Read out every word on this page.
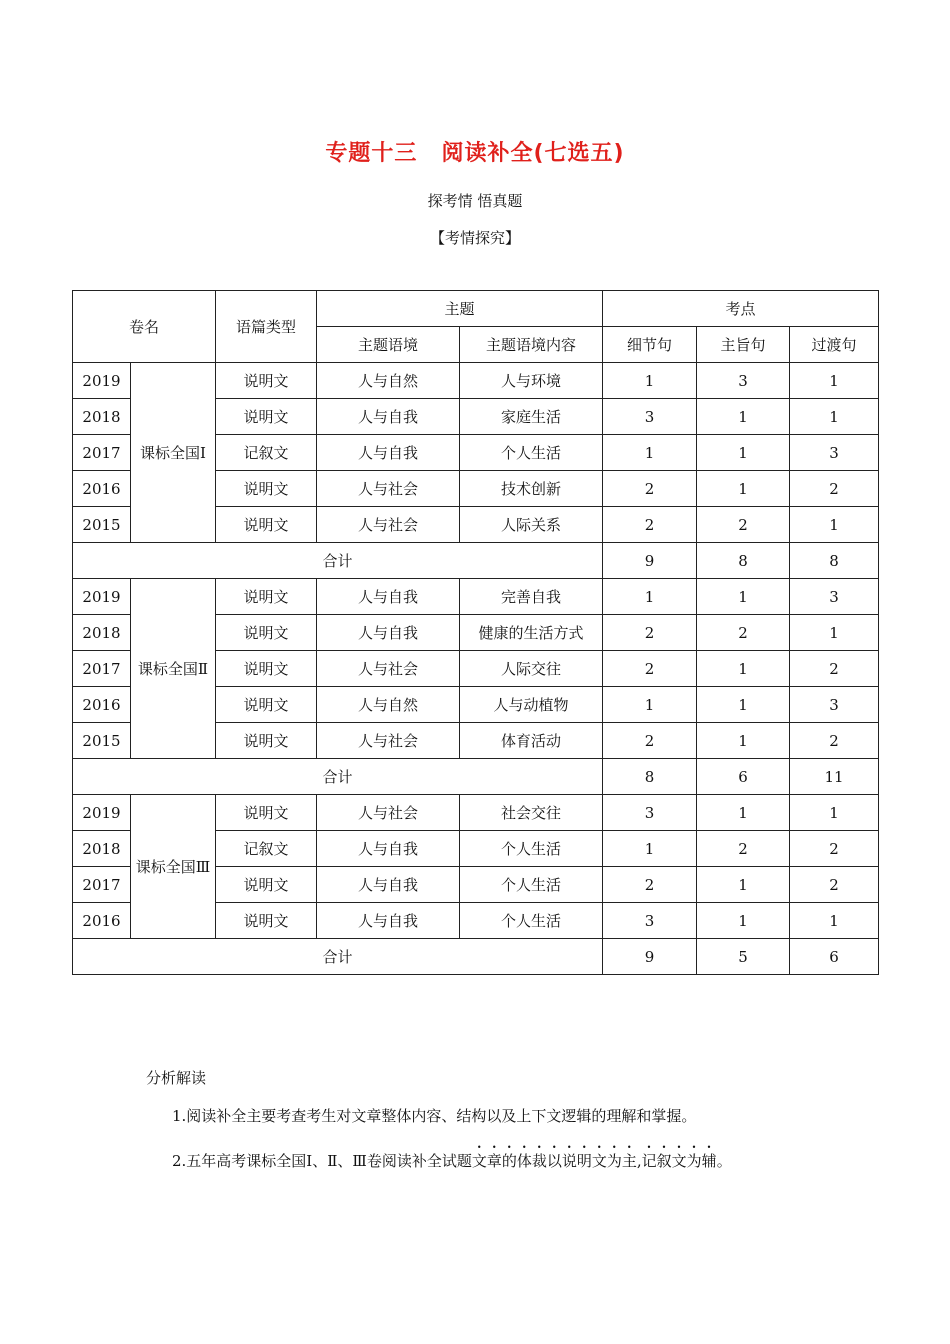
专题十三 阅读补全(七选五)
探考情 悟真题
【考情探究】
卷名		语篇类型	主题		考点		
			主题语境	主题语境内容	细节句	主旨句	过渡句
2019	课标全国Ⅰ	说明文	人与自然	人与环境	1	3	1
2018		说明文	人与自我	家庭生活	3	1	1
2017		记叙文	人与自我	个人生活	1	1	3
2016		说明文	人与社会	技术创新	2	1	2
2015		说明文	人与社会	人际关系	2	2	1
合计					9	8	8
2019	课标全国Ⅱ	说明文	人与自我	完善自我	1	1	3
2018		说明文	人与自我	健康的生活方式	2	2	1
2017		说明文	人与社会	人际交往	2	1	2
2016		说明文	人与自然	人与动植物	1	1	3
2015		说明文	人与社会	体育活动	2	1	2
合计					8	6	11
2019	课标全国Ⅲ	说明文	人与社会	社会交往	3	1	1
2018		记叙文	人与自我	个人生活	1	2	2
2017		说明文	人与自我	个人生活	2	1	2
2016		说明文	人与自我	个人生活	3	1	1
合计					9	5	6
分析解读
1.阅读补全主要考查考生对文章整体内容、结构以及上下文逻辑的理解和掌握。
2.五年高考课标全国Ⅰ、Ⅱ、Ⅲ卷阅读补全试题文章的体裁以说明文为主,记叙文为辅。
